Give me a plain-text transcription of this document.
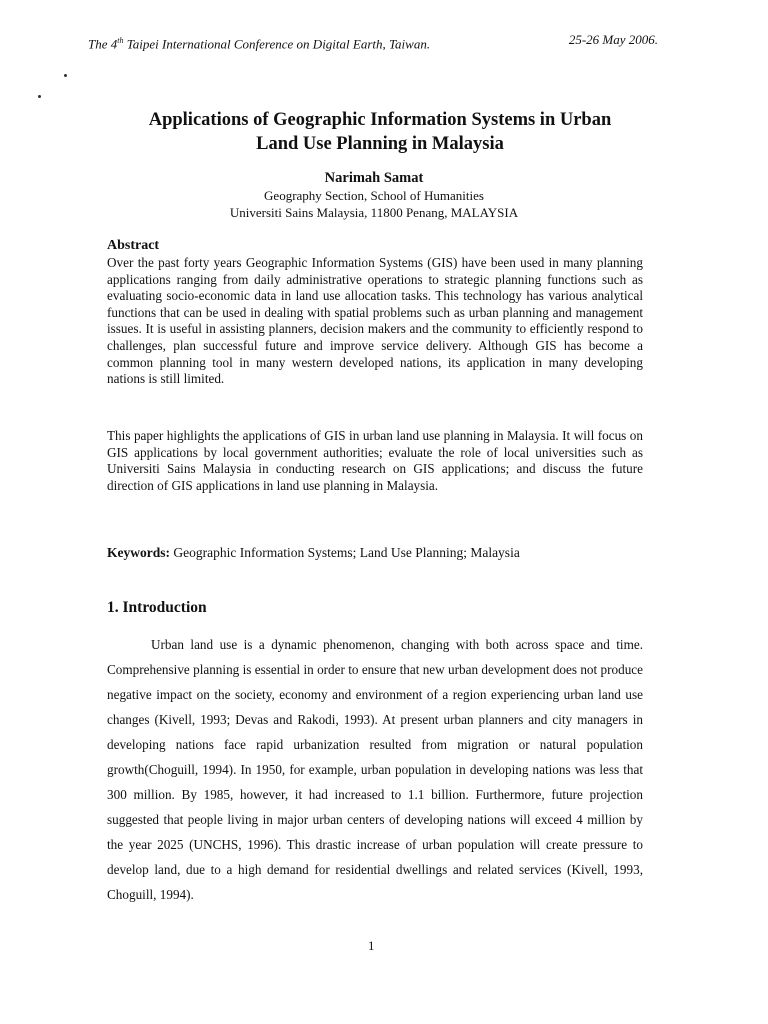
The 4th Taipei International Conference on Digital Earth, Taiwan.	25-26 May 2006.
Applications of Geographic Information Systems in Urban
Land Use Planning in Malaysia
Narimah Samat
Geography Section, School of Humanities
Universiti Sains Malaysia, 11800 Penang, MALAYSIA
Abstract
Over the past forty years Geographic Information Systems (GIS) have been used in many planning applications ranging from daily administrative operations to strategic planning functions such as evaluating socio-economic data in land use allocation tasks. This technology has various analytical functions that can be used in dealing with spatial problems such as urban planning and management issues. It is useful in assisting planners, decision makers and the community to efficiently respond to challenges, plan successful future and improve service delivery. Although GIS has become a common planning tool in many western developed nations, its application in many developing nations is still limited.
This paper highlights the applications of GIS in urban land use planning in Malaysia. It will focus on GIS applications by local government authorities; evaluate the role of local universities such as Universiti Sains Malaysia in conducting research on GIS applications; and discuss the future direction of GIS applications in land use planning in Malaysia.
Keywords: Geographic Information Systems; Land Use Planning; Malaysia
1. Introduction
Urban land use is a dynamic phenomenon, changing with both across space and time. Comprehensive planning is essential in order to ensure that new urban development does not produce negative impact on the society, economy and environment of a region experiencing urban land use changes (Kivell, 1993; Devas and Rakodi, 1993). At present urban planners and city managers in developing nations face rapid urbanization resulted from migration or natural population growth(Choguill, 1994). In 1950, for example, urban population in developing nations was less that 300 million. By 1985, however, it had increased to 1.1 billion. Furthermore, future projection suggested that people living in major urban centers of developing nations will exceed 4 million by the year 2025 (UNCHS, 1996). This drastic increase of urban population will create pressure to develop land, due to a high demand for residential dwellings and related services (Kivell, 1993, Choguill, 1994).
1
